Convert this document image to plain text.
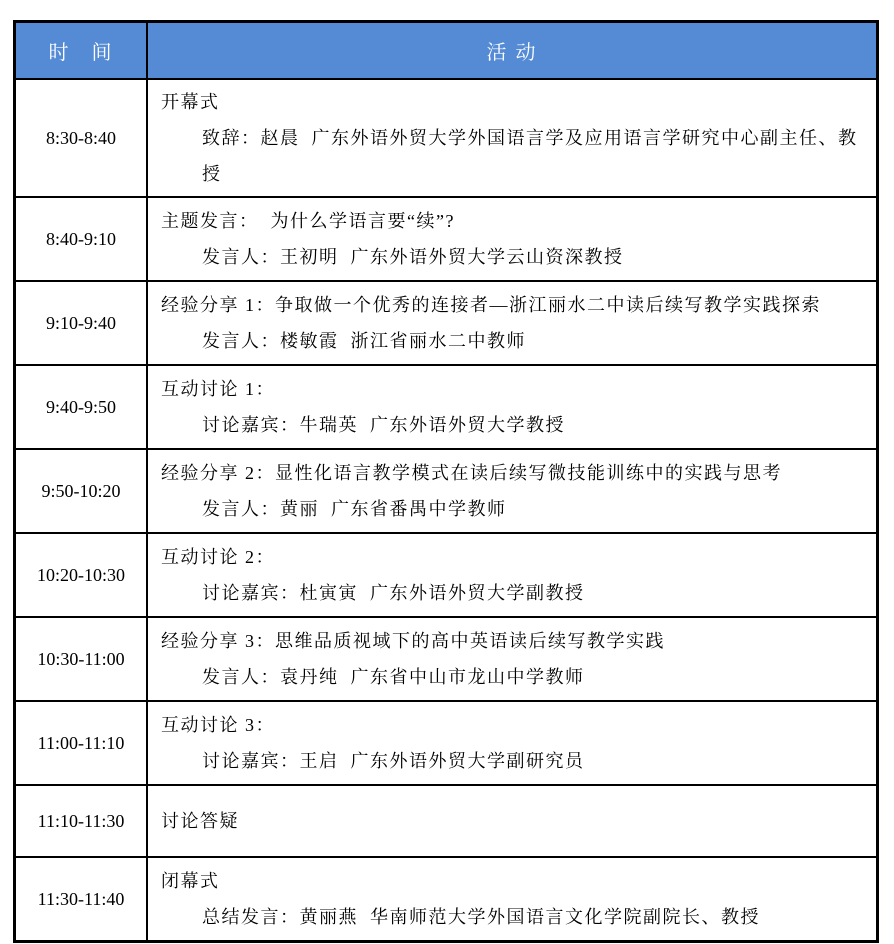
时   间	活 动
8:30-8:40
开幕式
致辞：赵晨  广东外语外贸大学外国语言学及应用语言学研究中心副主任、教授
8:40-9:10
主题发言：  为什么学语言要“续”?
发言人：王初明  广东外语外贸大学云山资深教授
9:10-9:40
经验分享 1：争取做一个优秀的连接者—浙江丽水二中读后续写教学实践探索
发言人：楼敏霞  浙江省丽水二中教师
9:40-9:50
互动讨论 1：
讨论嘉宾：牛瑞英  广东外语外贸大学教授
9:50-10:20
经验分享 2：显性化语言教学模式在读后续写微技能训练中的实践与思考
发言人：黄丽  广东省番禺中学教师
10:20-10:30
互动讨论 2：
讨论嘉宾：杜寅寅  广东外语外贸大学副教授
10:30-11:00
经验分享 3：思维品质视域下的高中英语读后续写教学实践
发言人：袁丹纯  广东省中山市龙山中学教师
11:00-11:10
互动讨论 3：
讨论嘉宾：王启  广东外语外贸大学副研究员
11:10-11:30	讨论答疑
11:30-11:40
闭幕式
总结发言：黄丽燕  华南师范大学外国语言文化学院副院长、教授
